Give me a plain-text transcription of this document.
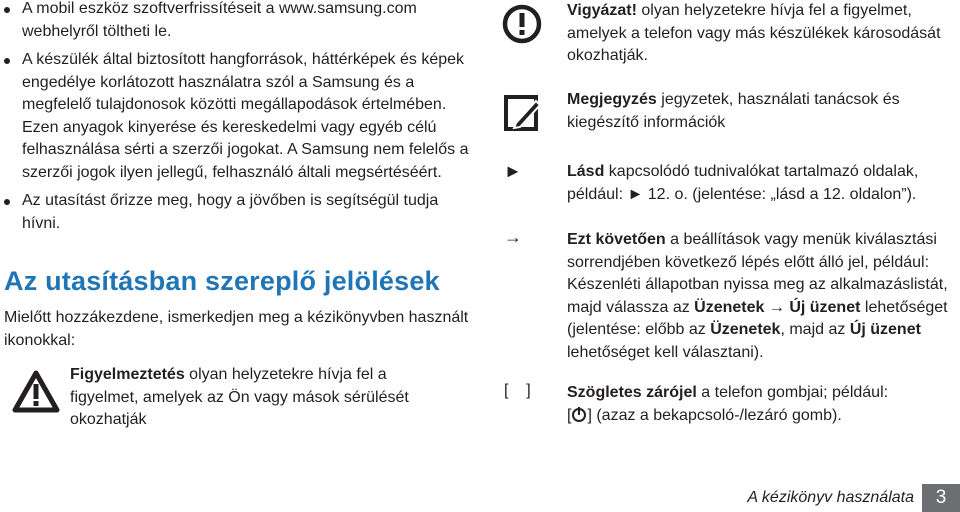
A mobil eszköz szoftverfrissítéseit a www.samsung.com webhelyről töltheti le.
A készülék által biztosított hangforrások, háttérképek és képek engedélye korlátozott használatra szól a Samsung és a megfelelő tulajdonosok közötti megállapodások értelmében. Ezen anyagok kinyerése és kereskedelmi vagy egyéb célú felhasználása sérti a szerzői jogokat. A Samsung nem felelős a szerzői jogok ilyen jellegű, felhasználó általi megsértéséért.
Az utasítást őrizze meg, hogy a jövőben is segítségül tudja hívni.
Az utasításban szereplő jelölések
Mielőtt hozzákezdene, ismerkedjen meg a kézikönyvben használt ikonokkal:
Figyelmeztetés olyan helyzetekre hívja fel a figyelmet, amelyek az Ön vagy mások sérülését okozhatják
Vigyázat! olyan helyzetekre hívja fel a figyelmet, amelyek a telefon vagy más készülékek károsodását okozhatják.
Megjegyzés jegyzetek, használati tanácsok és kiegészítő információk
►	Lásd kapcsolódó tudnivalókat tartalmazó oldalak, például: ► 12. o. (jelentése: „lásd a 12. oldalon”).
→	Ezt követően a beállítások vagy menük kiválasztási sorrendjében következő lépés előtt álló jel, például: Készenléti állapotban nyissa meg az alkalmazáslistát, majd válassza az Üzenetek → Új üzenet lehetőséget (jelentése: előbb az Üzenetek, majd az Új üzenet lehetőséget kell választani).
[    ] Szögletes zárójel a telefon gombjai; például:
[ ] (azaz a bekapcsoló-/lezáró gomb).
A kézikönyv használata	3
